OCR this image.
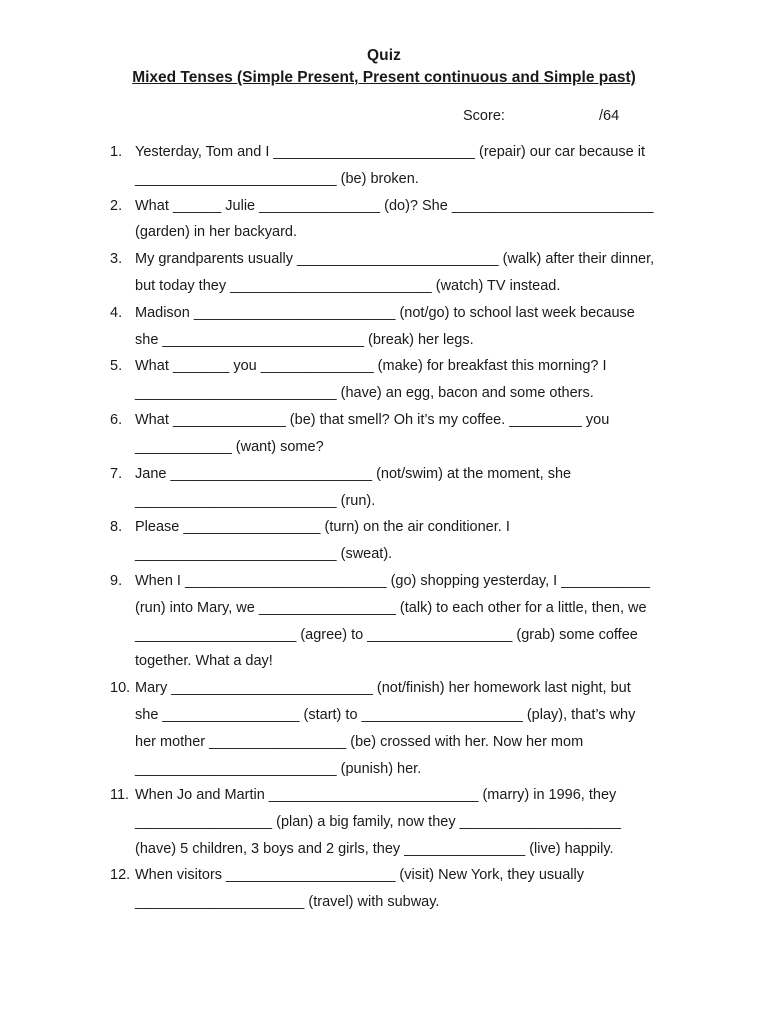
Quiz
Mixed Tenses (Simple Present, Present continuous and Simple past)
Score:	/64
1. Yesterday, Tom and I _________________________ (repair) our car because it
_________________________ (be) broken.
2. What ______ Julie _______________ (do)? She _________________________
(garden) in her backyard.
3. My grandparents usually _________________________ (walk) after their dinner,
but today they _________________________ (watch) TV instead.
4. Madison _________________________ (not/go) to school last week because
she _________________________ (break) her legs.
5. What _______ you ______________ (make) for breakfast this morning? I
_________________________ (have) an egg, bacon and some others.
6. What ______________ (be) that smell? Oh it’s my coffee. _________ you
____________ (want) some?
7. Jane _________________________ (not/swim) at the moment, she
_________________________ (run).
8. Please _________________ (turn) on the air conditioner. I
_________________________ (sweat).
9. When I _________________________ (go) shopping yesterday, I ___________
(run) into Mary, we _________________ (talk) to each other for a little, then, we
____________________ (agree) to __________________ (grab) some coffee
together. What a day!
10. Mary _________________________ (not/finish) her homework last night, but
she _________________ (start) to ____________________ (play), that’s why
her mother _________________ (be) crossed with her. Now her mom
_________________________ (punish) her.
11. When Jo and Martin __________________________ (marry) in 1996, they
_________________ (plan) a big family, now they ____________________
(have) 5 children, 3 boys and 2 girls, they _______________ (live) happily.
12. When visitors _____________________ (visit) New York, they usually
_____________________ (travel) with subway.
